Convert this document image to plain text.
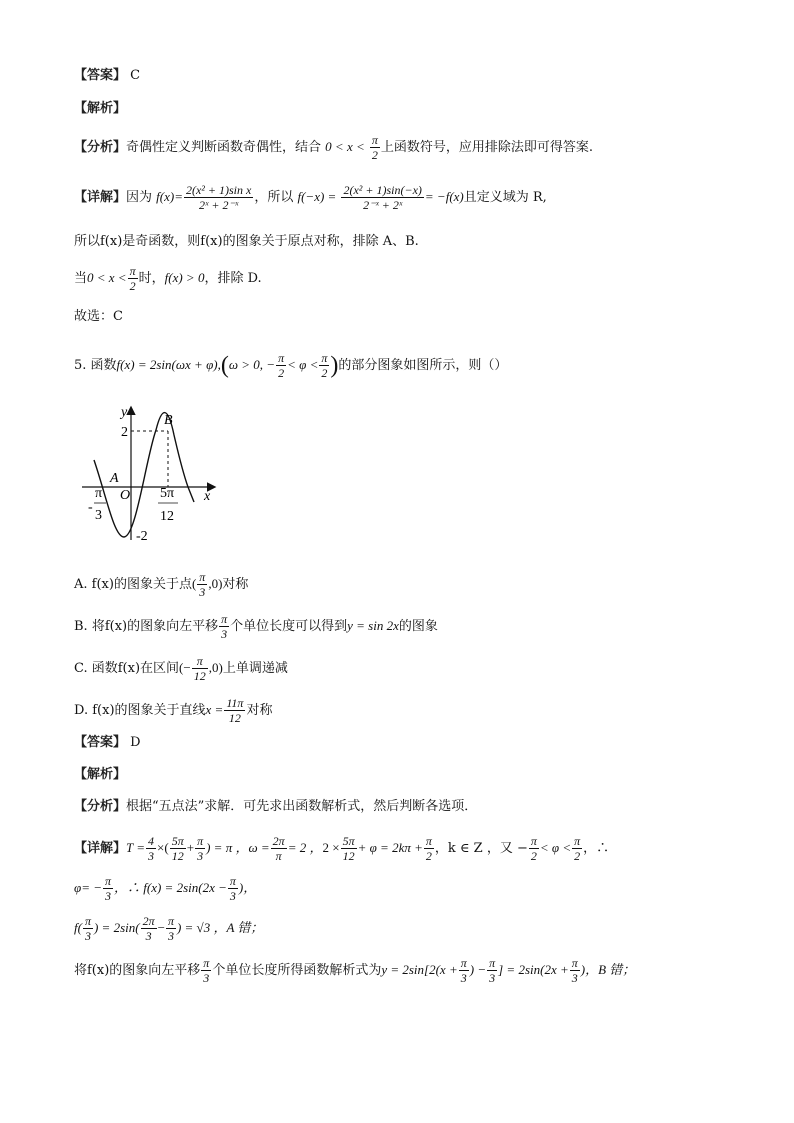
【答案】 C
【解析】
【分析】奇偶性定义判断函数奇偶性，结合 $0 < x < \frac{\pi}{2}$ 上函数符号，应用排除法即可得答案.
【详解】因为 $f(x)= \frac{\text{2(x² + 1)sin x}}{\text{2ˣ + 2⁻ˣ}}$ ，所以 $f(-x) = \frac{\text{2(x² + 1)sin(−x)}}{\text{2⁻ˣ + 2ˣ}} = -f(x)$且定义域为 R,
所以f(x)是奇函数，则f(x)的图象关于原点对称，排除 A、B.
当$0 < x < \frac{\pi}{2}$ 时，f(x) > 0，排除 D.
故选：C
5. 函数f(x) = 2sin(ωx + φ),(ω > 0, − $\frac{\pi}{2} < \varphi < \frac{\pi}{2}$ )的部分图象如图所示，则（）
y
x
B
A
O
2
-2
-
π
3
5π
12
A. f(x)的图象关于点( $\frac{\pi}{3} ,0$)对称
B. 将f(x)的图象向左平移 $\frac{\pi}{3}$ 个单位长度可以得到y = sin 2x的图象
C. 函数f(x)在区间(− $\frac{\pi}{12} ,0$)上单调递减
D. f(x)的图象关于直线$x = \frac{11\pi}{12}$ 对称
【答案】 D
【解析】
【分析】根据“五点法”求解．可先求出函数解析式，然后判断各选项．
【详解】$T = \frac{4}{3}$ ×( $\frac{5\pi}{12} + \frac{\pi}{3}$ ) = π ，$\omega = \frac{2\pi}{\pi} = 2$ ，$2 \times \frac{5\pi}{12} + \varphi = 2k\pi + \frac{\pi}{2}$ ，k ∈ Z ，又 − $\frac{\pi}{2} < \varphi < \frac{\pi}{2}$ ，∴
$\varphi= - \frac{\pi}{3}$ ，∴ $f(x) = 2\sin(2x - \frac{\pi}{3}$ )，
$f( \frac{\pi}{3}$ ) = $2\sin( \frac{2\pi}{3} - \frac{\pi}{3}$ ) = √3 ，A 错；
将f(x)的图象向左平移 $\frac{\pi}{3}$ 个单位长度所得函数解析式为$y = 2\sin[2(x + \frac{\pi}{3}$ ) − $\frac{\pi}{3}$ ] = $2\sin(2x + \frac{\pi}{3}$ )，B 错；
